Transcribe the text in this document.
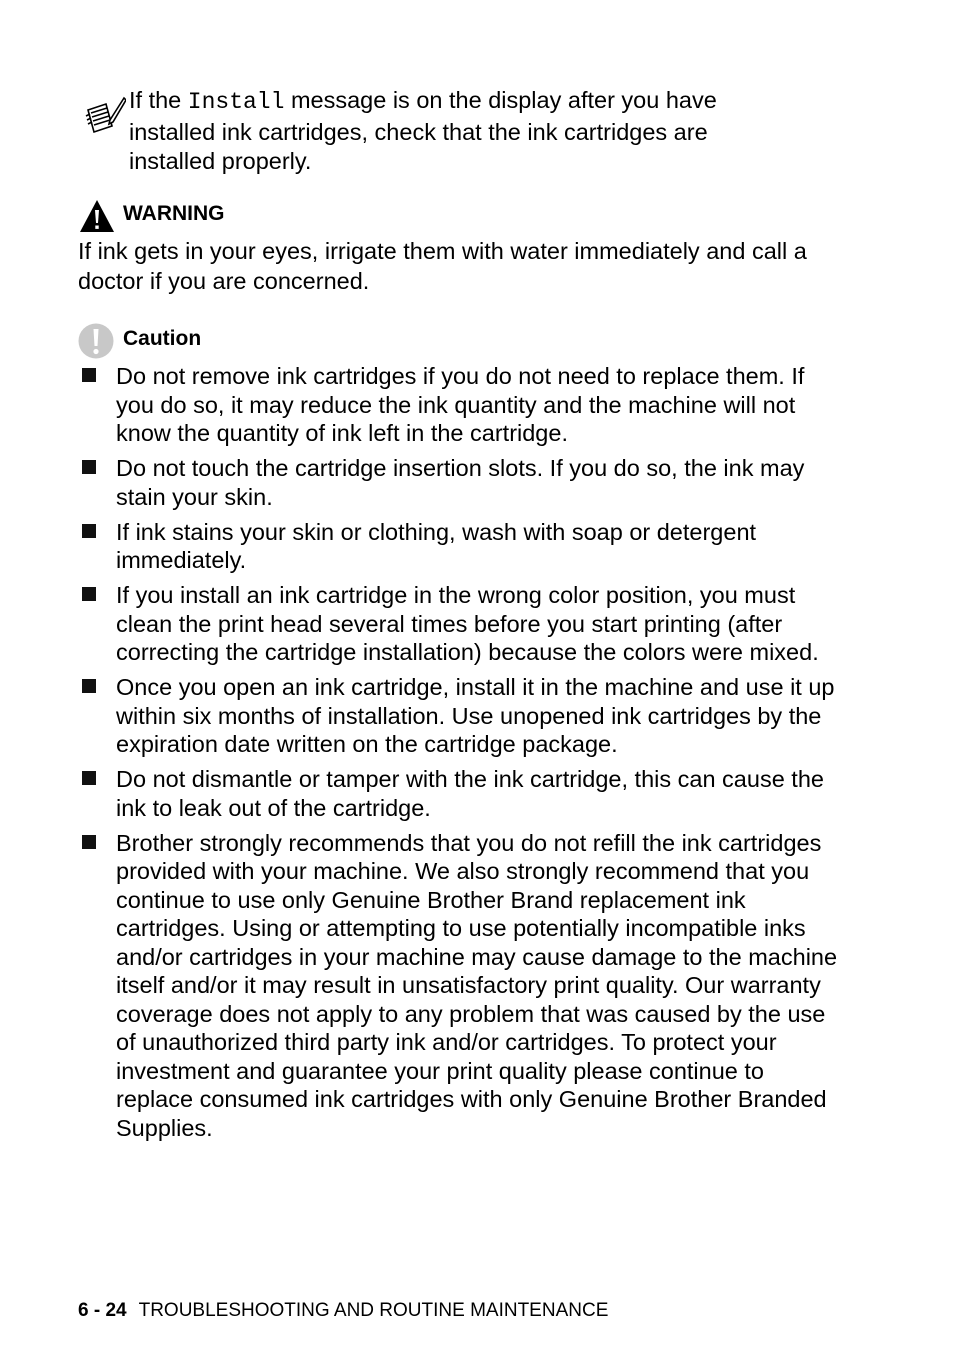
If the Install message is on the display after you have installed ink cartridges, check that the ink cartridges are installed properly.
WARNING
If ink gets in your eyes, irrigate them with water immediately and call a doctor if you are concerned.
Caution
Do not remove ink cartridges if you do not need to replace them. If you do so, it may reduce the ink quantity and the machine will not know the quantity of ink left in the cartridge.
Do not touch the cartridge insertion slots. If you do so, the ink may stain your skin.
If ink stains your skin or clothing, wash with soap or detergent immediately.
If you install an ink cartridge in the wrong color position, you must clean the print head several times before you start printing (after correcting the cartridge installation) because the colors were mixed.
Once you open an ink cartridge, install it in the machine and use it up within six months of installation. Use unopened ink cartridges by the expiration date written on the cartridge package.
Do not dismantle or tamper with the ink cartridge, this can cause the ink to leak out of the cartridge.
Brother strongly recommends that you do not refill the ink cartridges provided with your machine. We also strongly recommend that you continue to use only Genuine Brother Brand replacement ink cartridges. Using or attempting to use potentially incompatible inks and/or cartridges in your machine may cause damage to the machine itself and/or it may result in unsatisfactory print quality. Our warranty coverage does not apply to any problem that was caused by the use of unauthorized third party ink and/or cartridges. To protect your investment and guarantee your print quality please continue to replace consumed ink cartridges with only Genuine Brother Branded Supplies.
6 - 24 TROUBLESHOOTING AND ROUTINE MAINTENANCE
